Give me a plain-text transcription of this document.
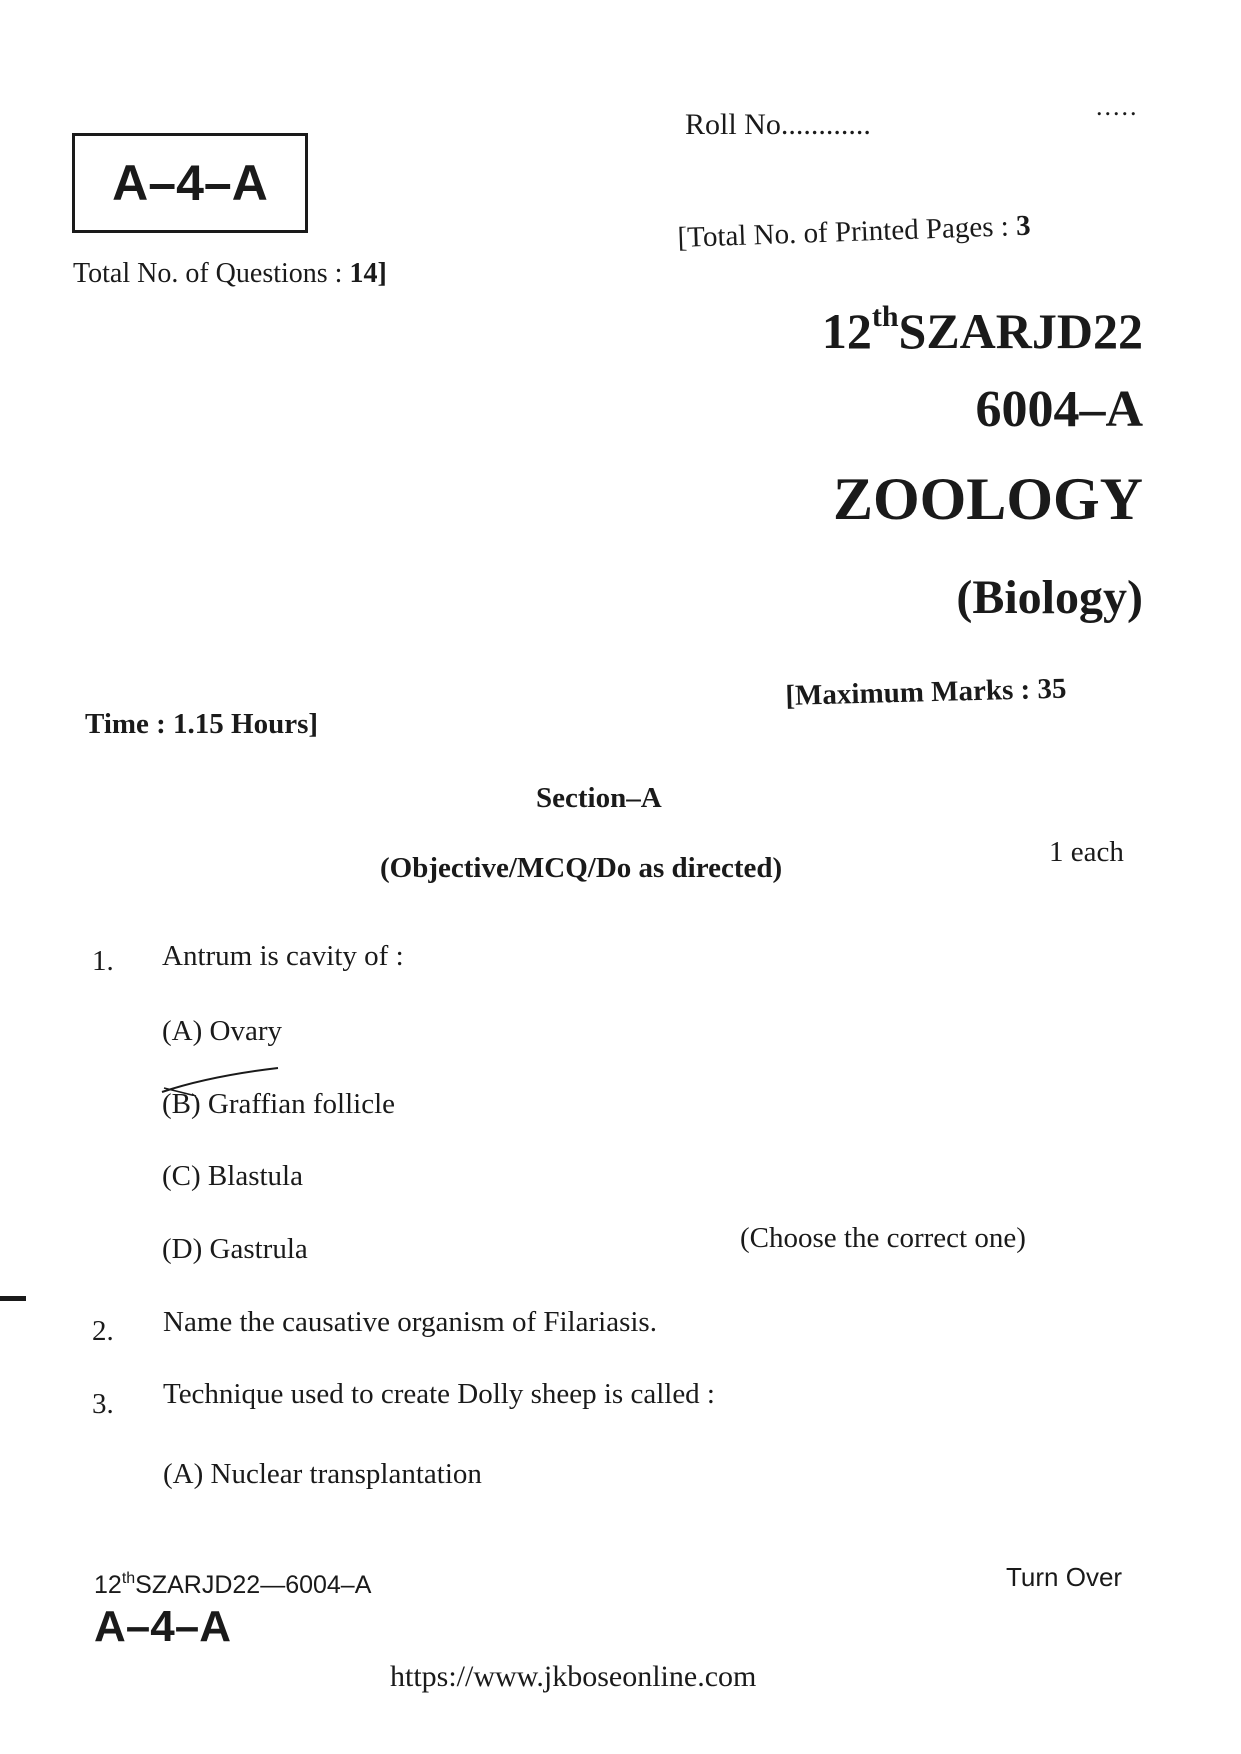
A–4–A
Roll No............
.....
Total No. of Questions : 14]
[Total No. of Printed Pages : 3
12thSZARJD22
6004–A
ZOOLOGY
(Biology)
Time : 1.15 Hours]
[Maximum Marks : 35
Section–A
(Objective/MCQ/Do as directed)	1 each
1. Antrum is cavity of :
(A) Ovary
(B) Graffian follicle
(C) Blastula
(D) Gastrula	(Choose the correct one)
2. Name the causative organism of Filariasis.
3. Technique used to create Dolly sheep is called :
(A) Nuclear transplantation
12thSZARJD22—6004–A
A–4–A
Turn Over
https://www.jkboseonline.com
